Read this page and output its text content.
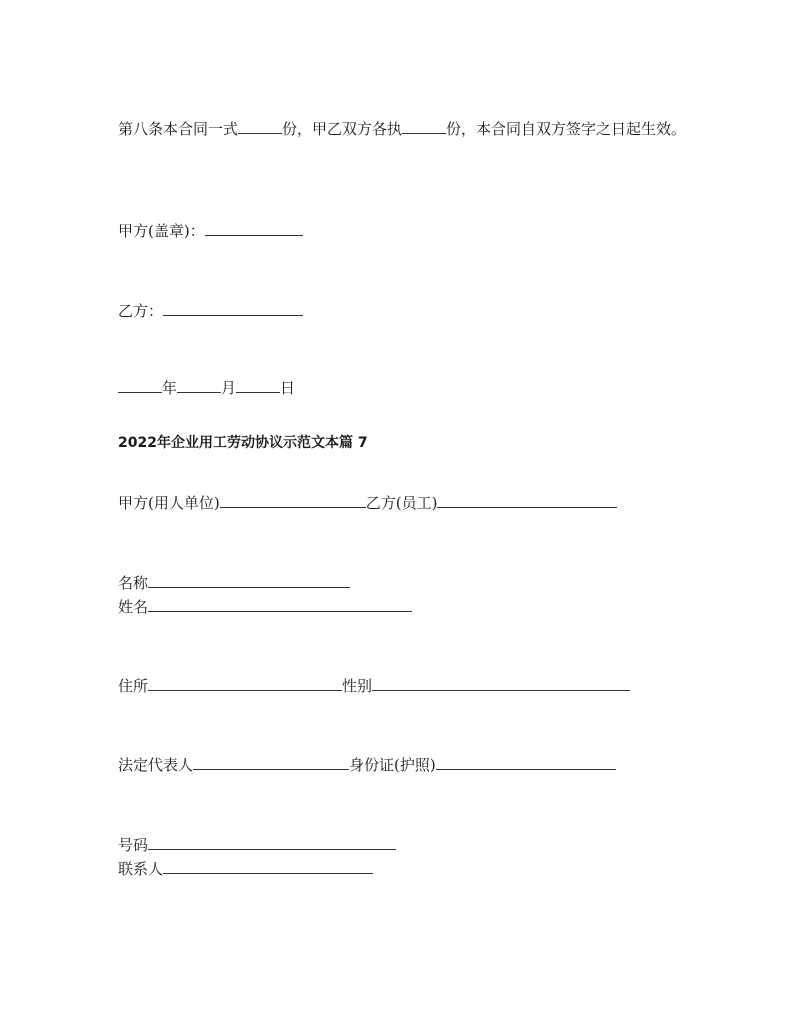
第八条本合同一式	份，甲乙双方各执	份，本合同自双方签字之日起生效。
甲方(盖章)：
乙方：
年	月	日
2022年企业用工劳动协议示范文本篇 7
甲方(用人单位)	乙方(员工)
名称
姓名
住所	性别
法定代表人	身份证(护照)
号码
联系人
